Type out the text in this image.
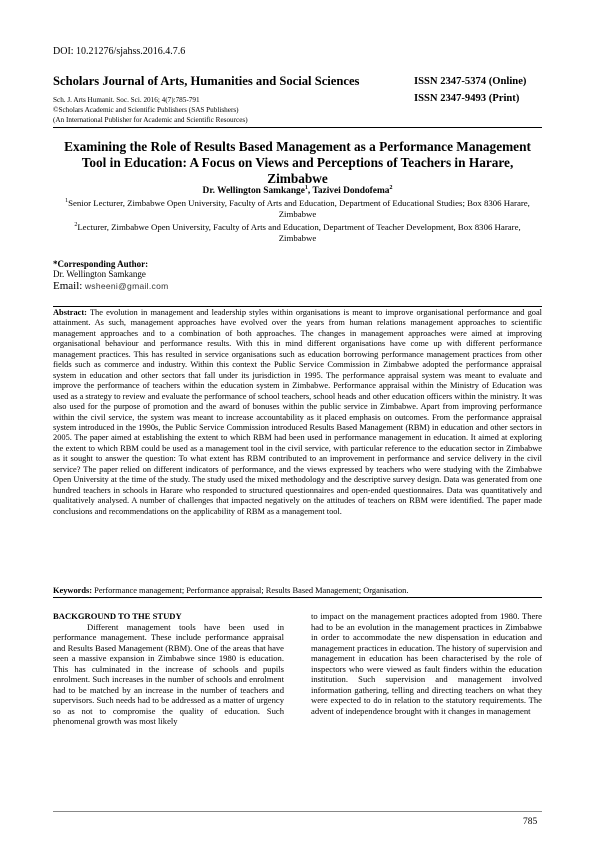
DOI: 10.21276/sjahss.2016.4.7.6
Scholars Journal of Arts, Humanities and Social Sciences	ISSN 2347-5374 (Online)
ISSN 2347-9493 (Print)
Sch. J. Arts Humanit. Soc. Sci. 2016; 4(7):785-791
©Scholars Academic and Scientific Publishers (SAS Publishers)
(An International Publisher for Academic and Scientific Resources)
Examining the Role of Results Based Management as a Performance Management Tool in Education: A Focus on Views and Perceptions of Teachers in Harare, Zimbabwe
Dr. Wellington Samkange$^1$, Tazivei Dondofema$^2$
$^1$Senior Lecturer, Zimbabwe Open University, Faculty of Arts and Education, Department of Educational Studies; Box 8306 Harare, Zimbabwe
$^2$Lecturer, Zimbabwe Open University, Faculty of Arts and Education, Department of Teacher Development, Box 8306 Harare, Zimbabwe
*Corresponding Author:
Dr. Wellington Samkange
Email: wsheeni@gmail.com
Abstract: The evolution in management and leadership styles within organisations is meant to improve organisational performance and goal attainment. As such, management approaches have evolved over the years from human relations management approaches to scientific management approaches and to a combination of both approaches. The changes in management approaches were aimed at improving organisational behaviour and performance results. With this in mind different organisations have come up with different performance management practices. This has resulted in service organisations such as education borrowing performance management practices from other fields such as commerce and industry. Within this context the Public Service Commission in Zimbabwe adopted the performance appraisal system in education and other sectors that fall under its jurisdiction in 1995. The performance appraisal system was meant to evaluate and improve the performance of teachers within the education system in Zimbabwe. Performance appraisal within the Ministry of Education was used as a strategy to review and evaluate the performance of school teachers, school heads and other education officers within the ministry. It was also used for the purpose of promotion and the award of bonuses within the public service in Zimbabwe. Apart from improving performance within the civil service, the system was meant to increase accountability as it placed emphasis on outcomes. From the performance appraisal system introduced in the 1990s, the Public Service Commission introduced Results Based Management (RBM) in education and other sectors in 2005. The paper aimed at establishing the extent to which RBM had been used in performance management in education. It aimed at exploring the extent to which RBM could be used as a management tool in the civil service, with particular reference to the education sector in Zimbabwe as it sought to answer the question: To what extent has RBM contributed to an improvement in performance and service delivery in the civil service? The paper relied on different indicators of performance, and the views expressed by teachers who were studying with the Zimbabwe Open University at the time of the study. The study used the mixed methodology and the descriptive survey design. Data was generated from one hundred teachers in schools in Harare who responded to structured questionnaires and open-ended questionnaires. Data was quantitatively and qualitatively analysed. A number of challenges that impacted negatively on the attitudes of teachers on RBM were identified. The paper made conclusions and recommendations on the applicability of RBM as a management tool.
Keywords: Performance management; Performance appraisal; Results Based Management; Organisation.
BACKGROUND TO THE STUDY
Different management tools have been used in performance management. These include performance appraisal and Results Based Management (RBM). One of the areas that have seen a massive expansion in Zimbabwe since 1980 is education. This has culminated in the increase of schools and pupils enrolment. Such increases in the number of schools and enrolment had to be matched by an increase in the number of teachers and supervisors. Such needs had to be addressed as a matter of urgency so as not to compromise the quality of education. Such phenomenal growth was most likely
to impact on the management practices adopted from 1980. There had to be an evolution in the management practices in Zimbabwe in order to accommodate the new dispensation in education and management practices in education. The history of supervision and management in education has been characterised by the role of inspectors who were viewed as fault finders within the education institution. Such supervision and management involved information gathering, telling and directing teachers on what they were expected to do in relation to the statutory requirements. The advent of independence brought with it changes in management
785
